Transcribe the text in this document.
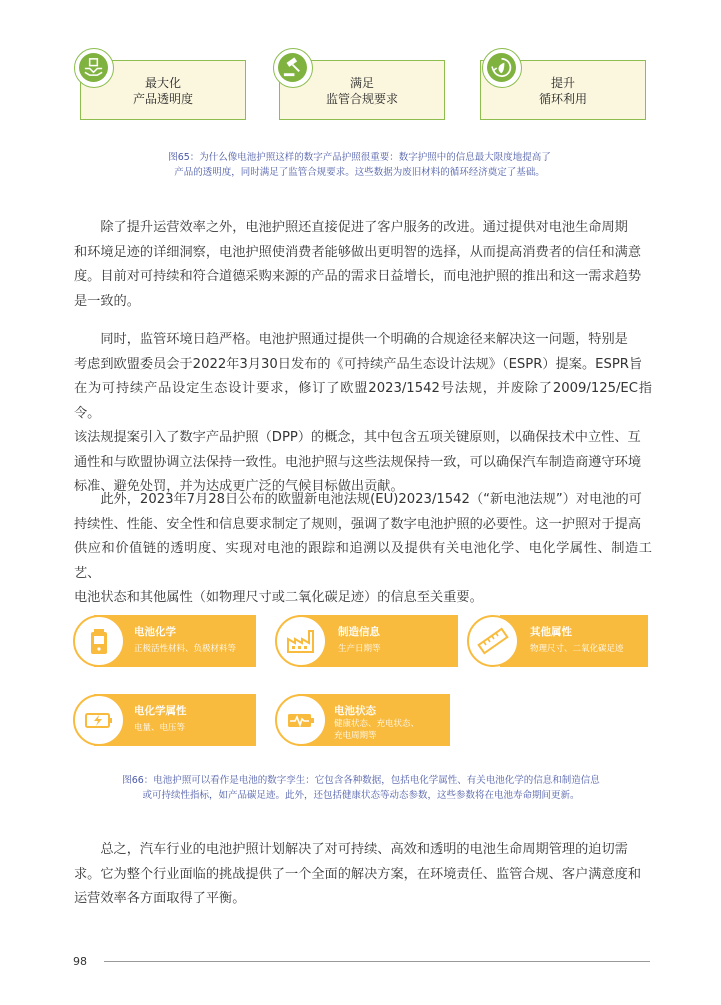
最大化
产品透明度
满足
监管合规要求
提升
循环利用
图65：为什么像电池护照这样的数字产品护照很重要：数字护照中的信息最大限度地提高了
产品的透明度，同时满足了监管合规要求。这些数据为废旧材料的循环经济奠定了基础。
　　除了提升运营效率之外，电池护照还直接促进了客户服务的改进。通过提供对电池生命周期
和环境足迹的详细洞察，电池护照使消费者能够做出更明智的选择，从而提高消费者的信任和满意
度。目前对可持续和符合道德采购来源的产品的需求日益增长，而电池护照的推出和这一需求趋势
是一致的。
　　同时，监管环境日趋严格。电池护照通过提供一个明确的合规途径来解决这一问题，特别是
考虑到欧盟委员会于2022年3月30日发布的《可持续产品生态设计法规》（ESPR）提案。ESPR旨
在为可持续产品设定生态设计要求，修订了欧盟2023/1542号法规，并废除了2009/125/EC指令。
该法规提案引入了数字产品护照（DPP）的概念，其中包含五项关键原则，以确保技术中立性、互
通性和与欧盟协调立法保持一致性。电池护照与这些法规保持一致，可以确保汽车制造商遵守环境
标准、避免处罚，并为达成更广泛的气候目标做出贡献。
　　此外，2023年7月28日公布的欧盟新电池法规(EU)2023/1542（“新电池法规”）对电池的可
持续性、性能、安全性和信息要求制定了规则，强调了数字电池护照的必要性。这一护照对于提高
供应和价值链的透明度、实现对电池的跟踪和追溯以及提供有关电池化学、电化学属性、制造工艺、
电池状态和其他属性（如物理尺寸或二氧化碳足迹）的信息至关重要。
电池化学
正极活性材料、负极材料等
制造信息
生产日期等
其他属性
物理尺寸、二氧化碳足迹
电化学属性
电量、电压等
电池状态
健康状态、充电状态、
充电周期等
图66：电池护照可以看作是电池的数字孪生：它包含各种数据，包括电化学属性、有关电池化学的信息和制造信息
或可持续性指标，如产品碳足迹。此外，还包括健康状态等动态参数，这些参数将在电池寿命期间更新。
　　总之，汽车行业的电池护照计划解决了对可持续、高效和透明的电池生命周期管理的迫切需
求。它为整个行业面临的挑战提供了一个全面的解决方案，在环境责任、监管合规、客户满意度和
运营效率各方面取得了平衡。
98
